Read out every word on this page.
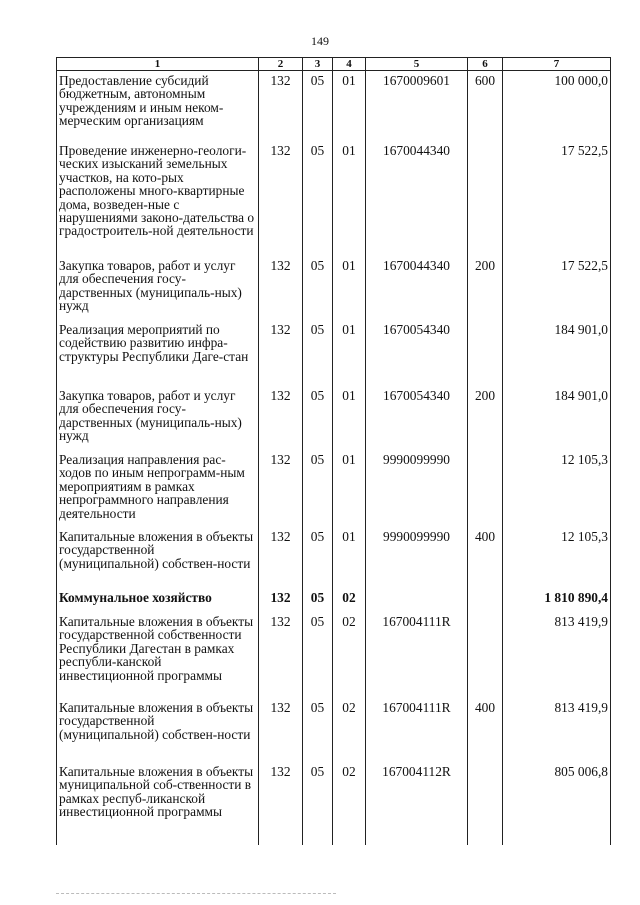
149
1	2	3	4	5	6	7
Предоставление субсидий бюджетным, автономным учреждениям и иным неком-мерческим организациям	132	05	01	1670009601	600	100 000,0
Проведение инженерно-геологи-ческих изысканий земельных участков, на кото-рых расположены много-квартирные дома, возведен-ные с нарушениями законо-дательства о градостроитель-ной деятельности	132	05	01	1670044340		17 522,5
Закупка товаров, работ и услуг для обеспечения госу-дарственных (муниципаль-ных) нужд	132	05	01	1670044340	200	17 522,5
Реализация мероприятий по содействию развитию инфра-структуры Республики Даге-стан	132	05	01	1670054340		184 901,0
Закупка товаров, работ и услуг для обеспечения госу-дарственных (муниципаль-ных) нужд	132	05	01	1670054340	200	184 901,0
Реализация направления рас-ходов по иным непрограмм-ным мероприятиям в рамках непрограммного направления деятельности	132	05	01	9990099990		12 105,3
Капитальные вложения в объекты государственной (муниципальной) собствен-ности	132	05	01	9990099990	400	12 105,3
Коммунальное хозяйство	132	05	02			1 810 890,4
Капитальные вложения в объекты государственной собственности Республики Дагестан в рамках республи-канской инвестиционной программы	132	05	02	167004111R		813 419,9
Капитальные вложения в объекты государственной (муниципальной) собствен-ности	132	05	02	167004111R	400	813 419,9
Капитальные вложения в объекты муниципальной соб-ственности в рамках респуб-ликанской инвестиционной программы	132	05	02	167004112R		805 006,8
